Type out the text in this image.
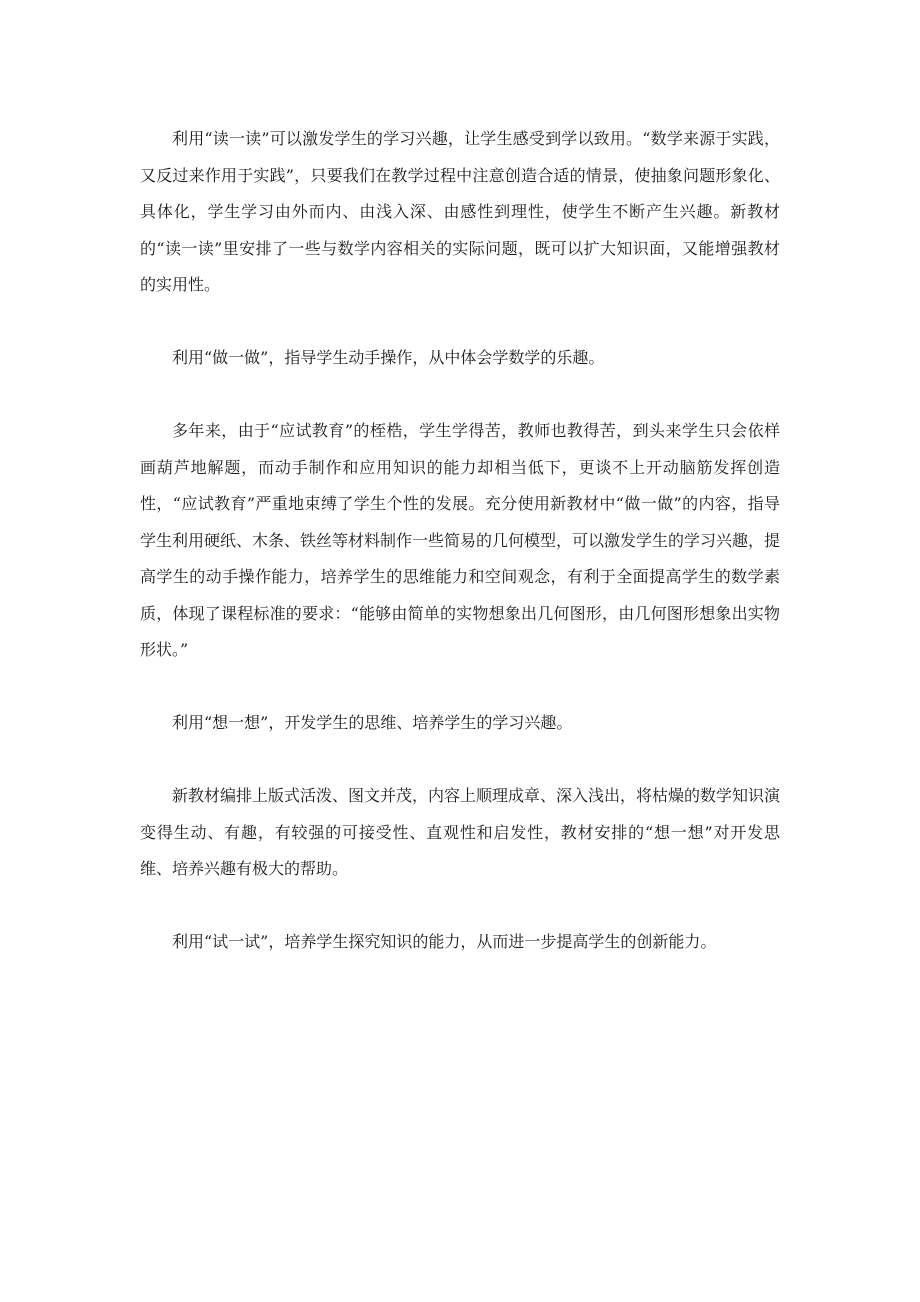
利用“读一读”可以激发学生的学习兴趣，让学生感受到学以致用。“数学来源于实践，又反过来作用于实践”，只要我们在教学过程中注意创造合适的情景，使抽象问题形象化、具体化，学生学习由外而内、由浅入深、由感性到理性，使学生不断产生兴趣。新教材的“读一读”里安排了一些与数学内容相关的实际问题，既可以扩大知识面，又能增强教材的实用性。

利用“做一做”，指导学生动手操作，从中体会学数学的乐趣。

多年来，由于“应试教育”的桎梏，学生学得苦，教师也教得苦，到头来学生只会依样画葫芦地解题，而动手制作和应用知识的能力却相当低下，更谈不上开动脑筋发挥创造性，“应试教育”严重地束缚了学生个性的发展。充分使用新教材中“做一做”的内容，指导学生利用硬纸、木条、铁丝等材料制作一些简易的几何模型，可以激发学生的学习兴趣，提高学生的动手操作能力，培养学生的思维能力和空间观念，有利于全面提高学生的数学素质，体现了课程标准的要求：“能够由简单的实物想象出几何图形，由几何图形想象出实物形状。”

利用“想一想”，开发学生的思维、培养学生的学习兴趣。

新教材编排上版式活泼、图文并茂，内容上顺理成章、深入浅出，将枯燥的数学知识演变得生动、有趣，有较强的可接受性、直观性和启发性，教材安排的“想一想”对开发思维、培养兴趣有极大的帮助。

利用“试一试”，培养学生探究知识的能力，从而进一步提高学生的创新能力。
